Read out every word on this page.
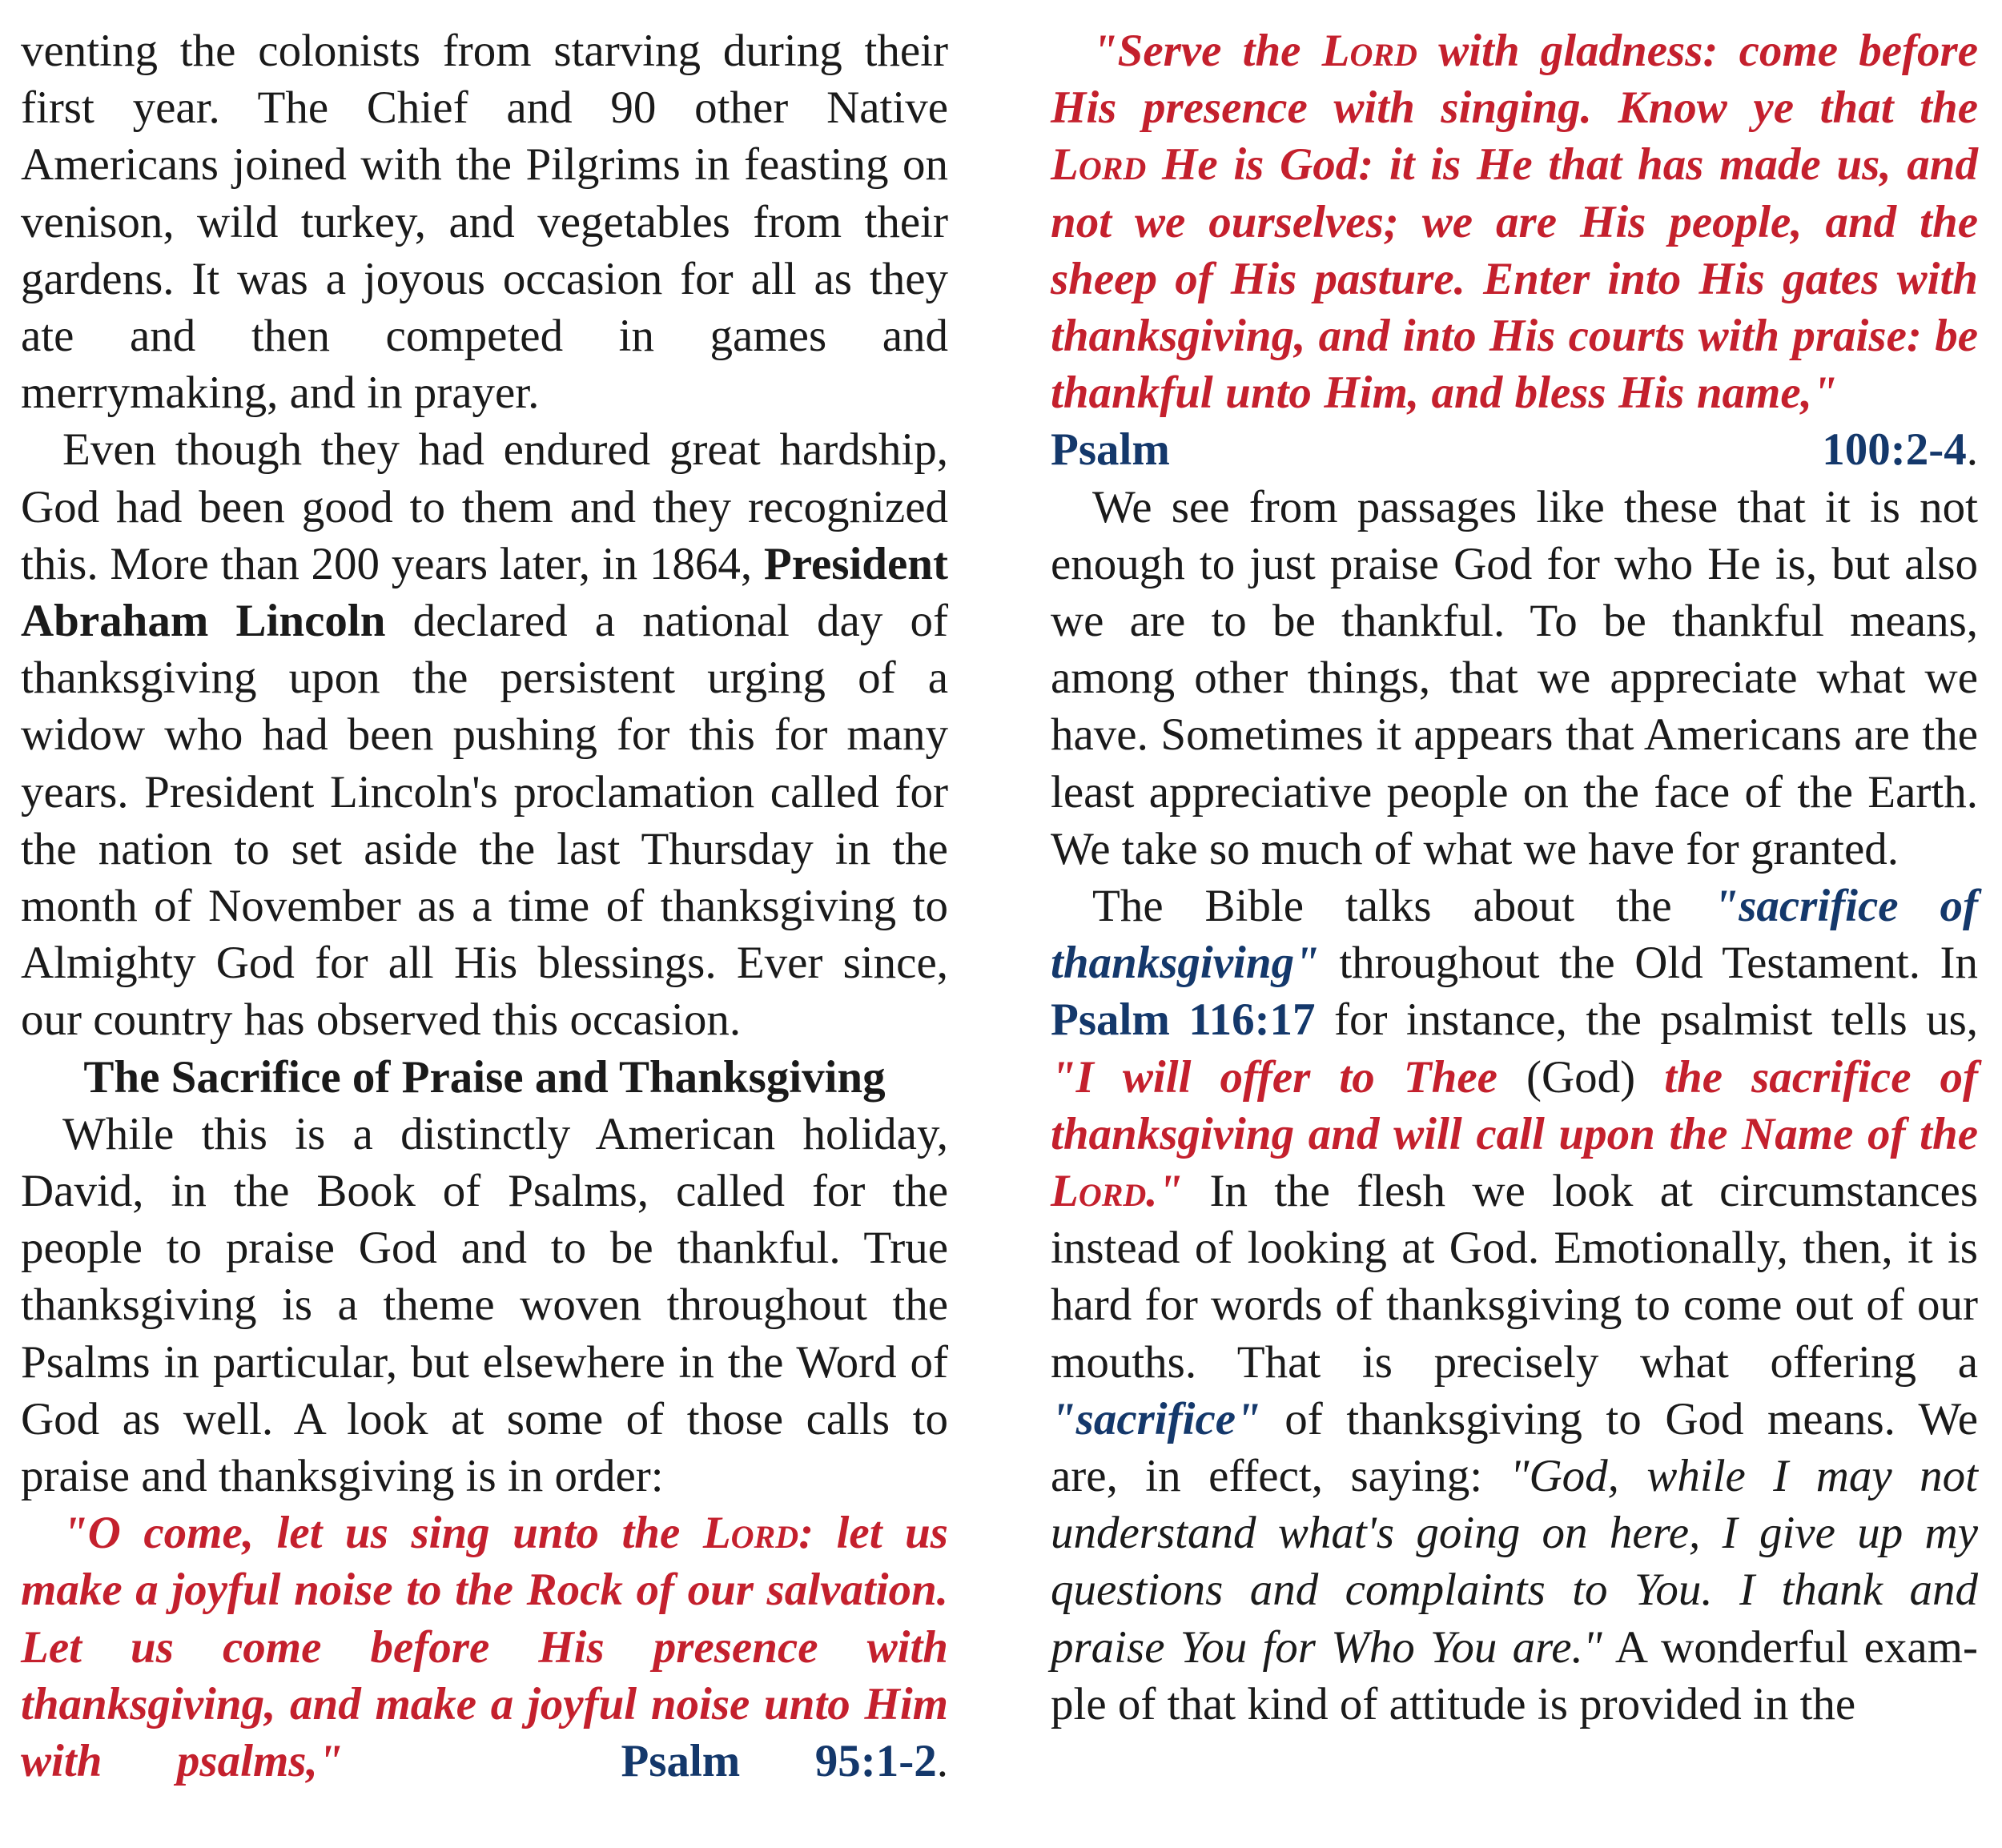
venting the colonists from starving during their first year. The Chief and 90 other Native Americans joined with the Pilgrims in feasting on venison, wild turkey, and vegetables from their gardens. It was a joyous occasion for all as they ate and then competed in games and merrymaking, and in prayer.

Even though they had endured great hardship, God had been good to them and they recognized this. More than 200 years later, in 1864, President Abraham Lincoln declared a national day of thanksgiving upon the persistent urging of a widow who had been pushing for this for many years. President Lincoln's proclamation called for the nation to set aside the last Thursday in the month of November as a time of thanksgiving to Almighty God for all His blessings. Ever since, our country has observed this occasion.

The Sacrifice of Praise and Thanksgiving

While this is a distinctly American holiday, David, in the Book of Psalms, called for the people to praise God and to be thankful. True thanksgiving is a theme woven throughout the Psalms in particular, but elsewhere in the Word of God as well. A look at some of those calls to praise and thanksgiving is in order:

"O come, let us sing unto the Lord: let us make a joyful noise to the Rock of our salvation. Let us come before His presence with thanksgiving, and make a joyful noise unto Him with psalms,"	Psalm 95:1-2.

"Serve the Lord with gladness: come before His presence with singing. Know ye that the Lord He is God: it is He that has made us, and not we ourselves; we are His people, and the sheep of His pasture. Enter into His gates with thanksgiving, and into His courts with praise: be thankful unto Him, and bless His name,"  Psalm 100:2-4.

We see from passages like these that it is not enough to just praise God for who He is, but also we are to be thankful. To be thankful means, among other things, that we appreciate what we have. Sometimes it appears that Americans are the least appreciative people on the face of the Earth. We take so much of what we have for granted.

The Bible talks about the "sacrifice of thanksgiving" throughout the Old Testament. In Psalm 116:17 for instance, the psalmist tells us, "I will offer to Thee (God) the sacrifice of thanksgiving and will call upon the Name of the Lord." In the flesh we look at circumstances instead of looking at God. Emotionally, then, it is hard for words of thanksgiving to come out of our mouths. That is precisely what offering a "sacrifice" of thanksgiving to God means. We are, in effect, saying: "God, while I may not understand what's going on here, I give up my questions and complaints to You. I thank and praise You for Who You are." A wonderful example of that kind of attitude is provided in the
